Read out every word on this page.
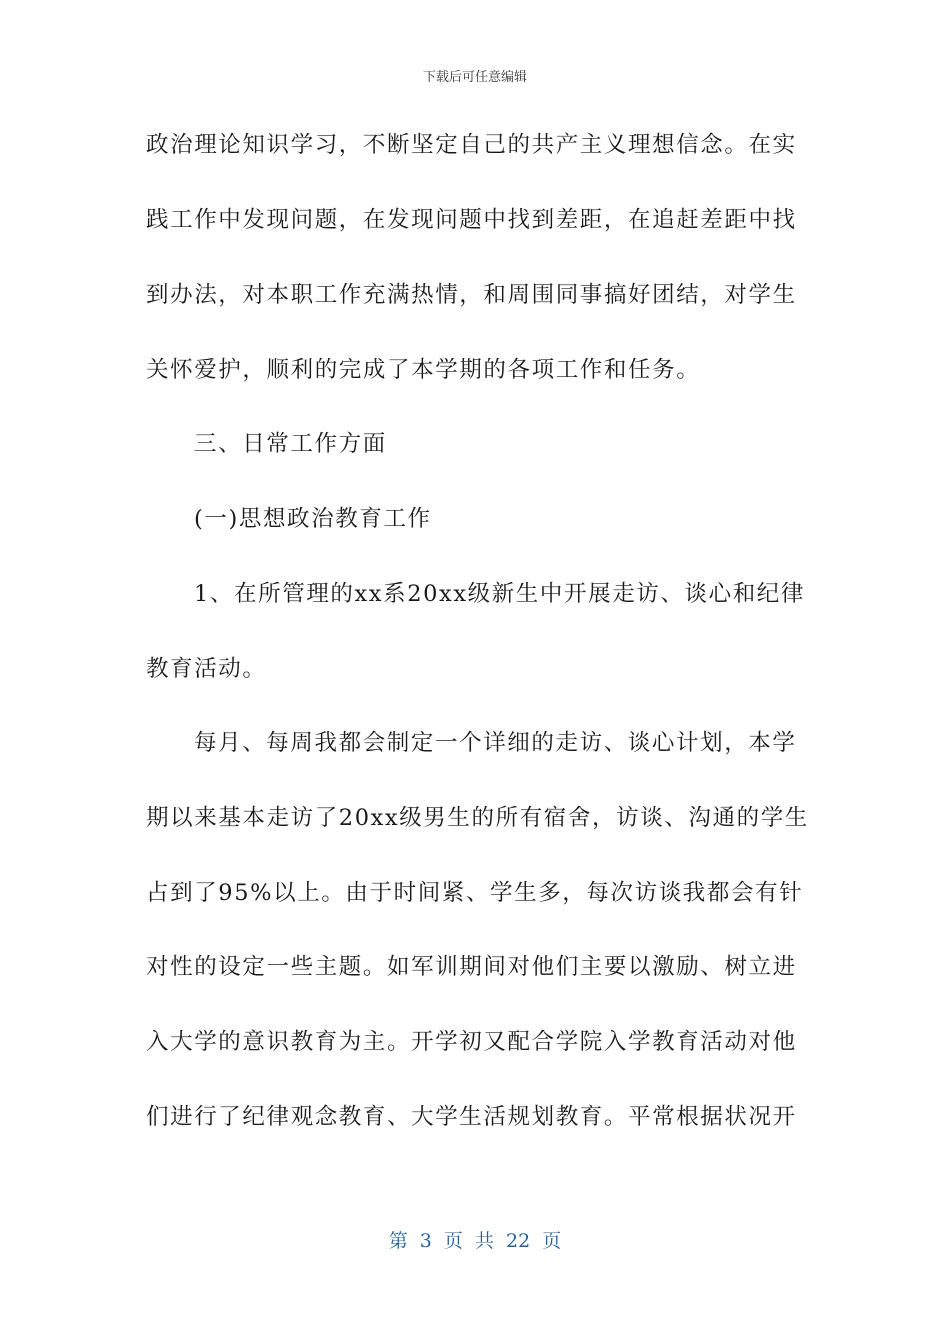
下载后可任意编辑
政治理论知识学习，不断坚定自己的共产主义理想信念。在实
践工作中发现问题，在发现问题中找到差距，在追赶差距中找
到办法，对本职工作充满热情，和周围同事搞好团结，对学生
关怀爱护，顺利的完成了本学期的各项工作和任务。
三、日常工作方面
(一)思想政治教育工作
1、在所管理的xx系20xx级新生中开展走访、谈心和纪律
教育活动。
每月、每周我都会制定一个详细的走访、谈心计划，本学
期以来基本走访了20xx级男生的所有宿舍，访谈、沟通的学生
占到了95%以上。由于时间紧、学生多，每次访谈我都会有针
对性的设定一些主题。如军训期间对他们主要以激励、树立进
入大学的意识教育为主。开学初又配合学院入学教育活动对他
们进行了纪律观念教育、大学生活规划教育。平常根据状况开
第 3 页 共 22 页
